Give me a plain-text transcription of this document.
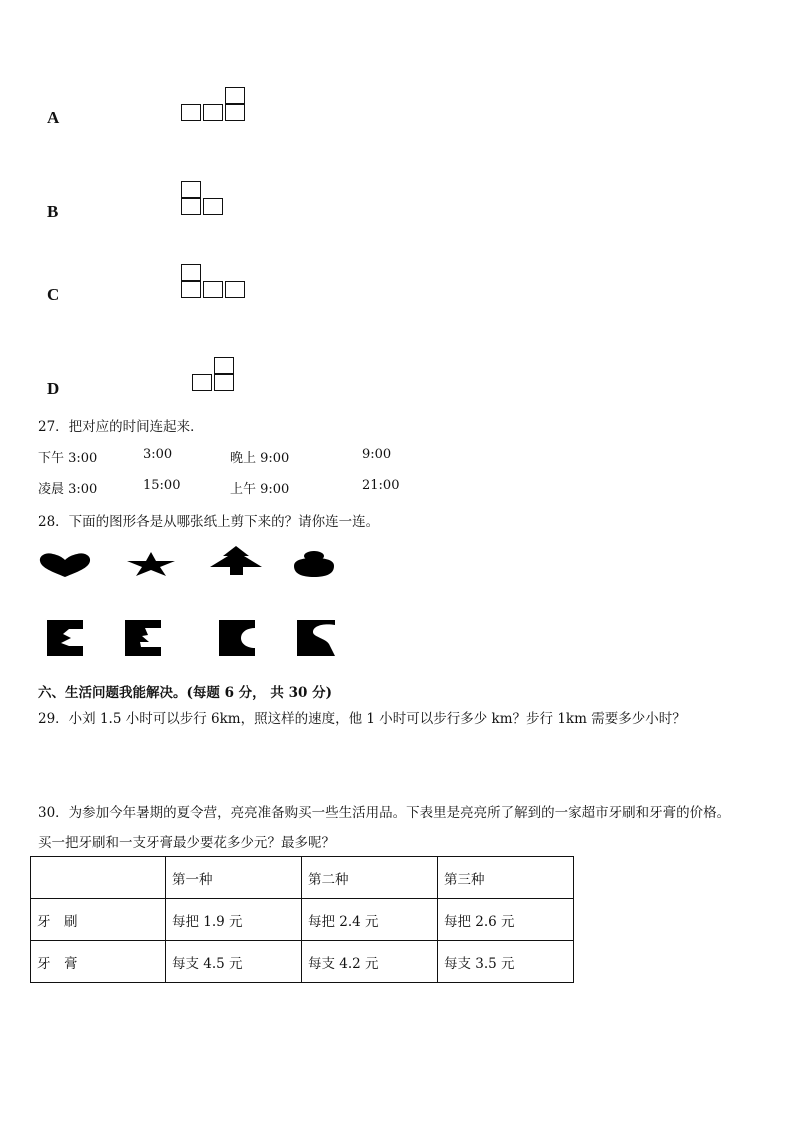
A
B
C
D
27．把对应的时间连起来．
下午 3:00	3:00	晚上 9:00	9:00
凌晨 3:00	15:00	上午 9:00	21:00
28．下面的图形各是从哪张纸上剪下来的？请你连一连。
六、生活问题我能解决。(每题 6 分， 共 30 分)
29．小刘 1.5 小时可以步行 6km，照这样的速度，他 1 小时可以步行多少 km？步行 1km 需要多少小时？
30．为参加今年暑期的夏令营，亮亮准备购买一些生活用品。下表里是亮亮所了解到的一家超市牙刷和牙膏的价格。
买一把牙刷和一支牙膏最少要花多少元？最多呢？
	第一种	第二种	第三种
牙　刷	每把 1.9 元	每把 2.4 元	每把 2.6 元
牙　膏	每支 4.5 元	每支 4.2 元	每支 3.5 元
